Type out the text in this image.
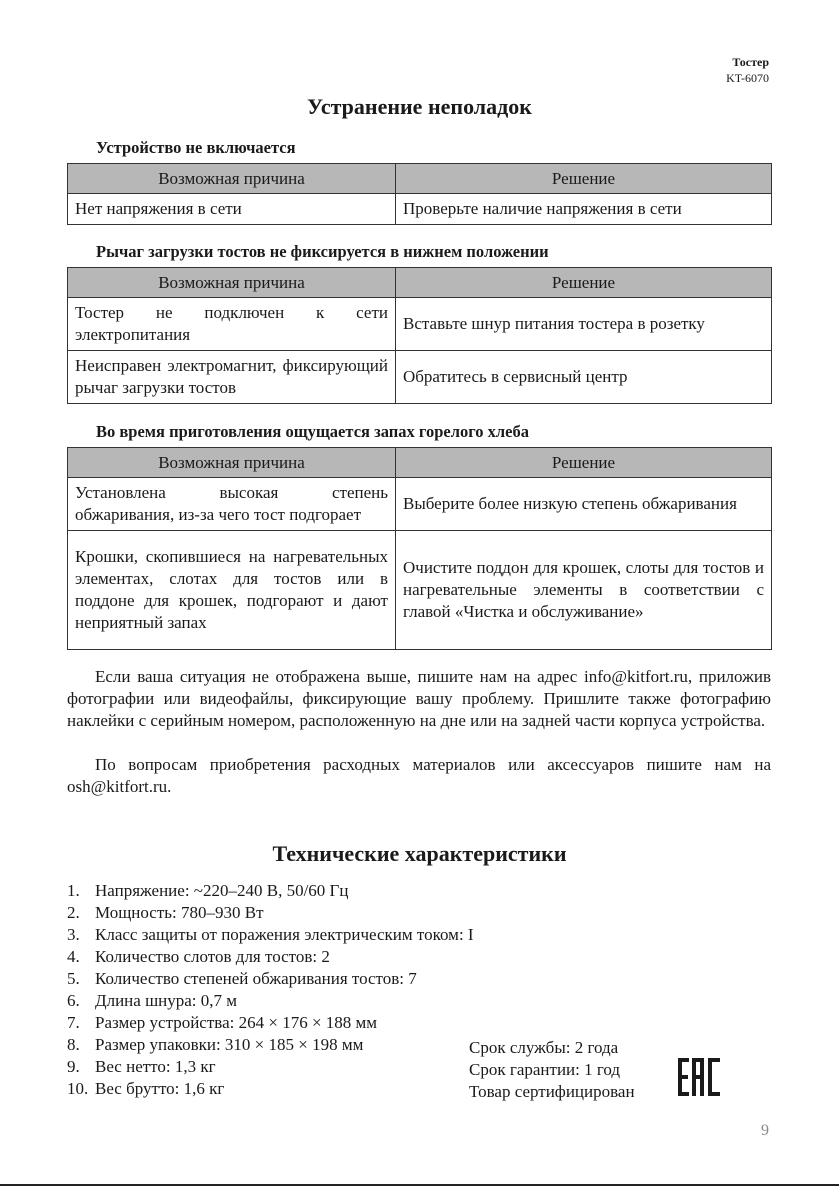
Тостер
KT-6070
Устранение неполадок
Устройство не включается
Возможная причина	Решение
Нет напряжения в сети	Проверьте наличие напряжения в сети
Рычаг загрузки тостов не фиксируется в нижнем положении
Возможная причина	Решение
Тостер не подключен к сети электропитания	Вставьте шнур питания тостера в розетку
Неисправен электромагнит, фиксирующий рычаг загрузки тостов	Обратитесь в сервисный центр
Во время приготовления ощущается запах горелого хлеба
Возможная причина	Решение
Установлена высокая степень обжаривания, из-за чего тост подгорает	Выберите более низкую степень обжаривания
Крошки, скопившиеся на нагревательных элементах, слотах для тостов или в поддоне для крошек, подгорают и дают неприятный запах	Очистите поддон для крошек, слоты для тостов и нагревательные элементы в соответствии с главой «Чистка и обслуживание»

Если ваша ситуация не отображена выше, пишите нам на адрес info@kitfort.ru, приложив фотографии или видеофайлы, фиксирующие вашу проблему. Пришлите также фотографию наклейки с серийным номером, расположенную на дне или на задней части корпуса устройства.

По вопросам приобретения расходных материалов или аксессуаров пишите нам на osh@kitfort.ru.

Технические характеристики
1. Напряжение: ~220–240 В, 50/60 Гц
2. Мощность: 780–930 Вт
3. Класс защиты от поражения электрическим током: I
4. Количество слотов для тостов: 2
5. Количество степеней обжаривания тостов: 7
6. Длина шнура: 0,7 м
7. Размер устройства: 264 × 176 × 188 мм
8. Размер упаковки: 310 × 185 × 198 мм
9. Вес нетто: 1,3 кг
10. Вес брутто: 1,6 кг
Срок службы: 2 года
Срок гарантии: 1 год
Товар сертифицирован
9
